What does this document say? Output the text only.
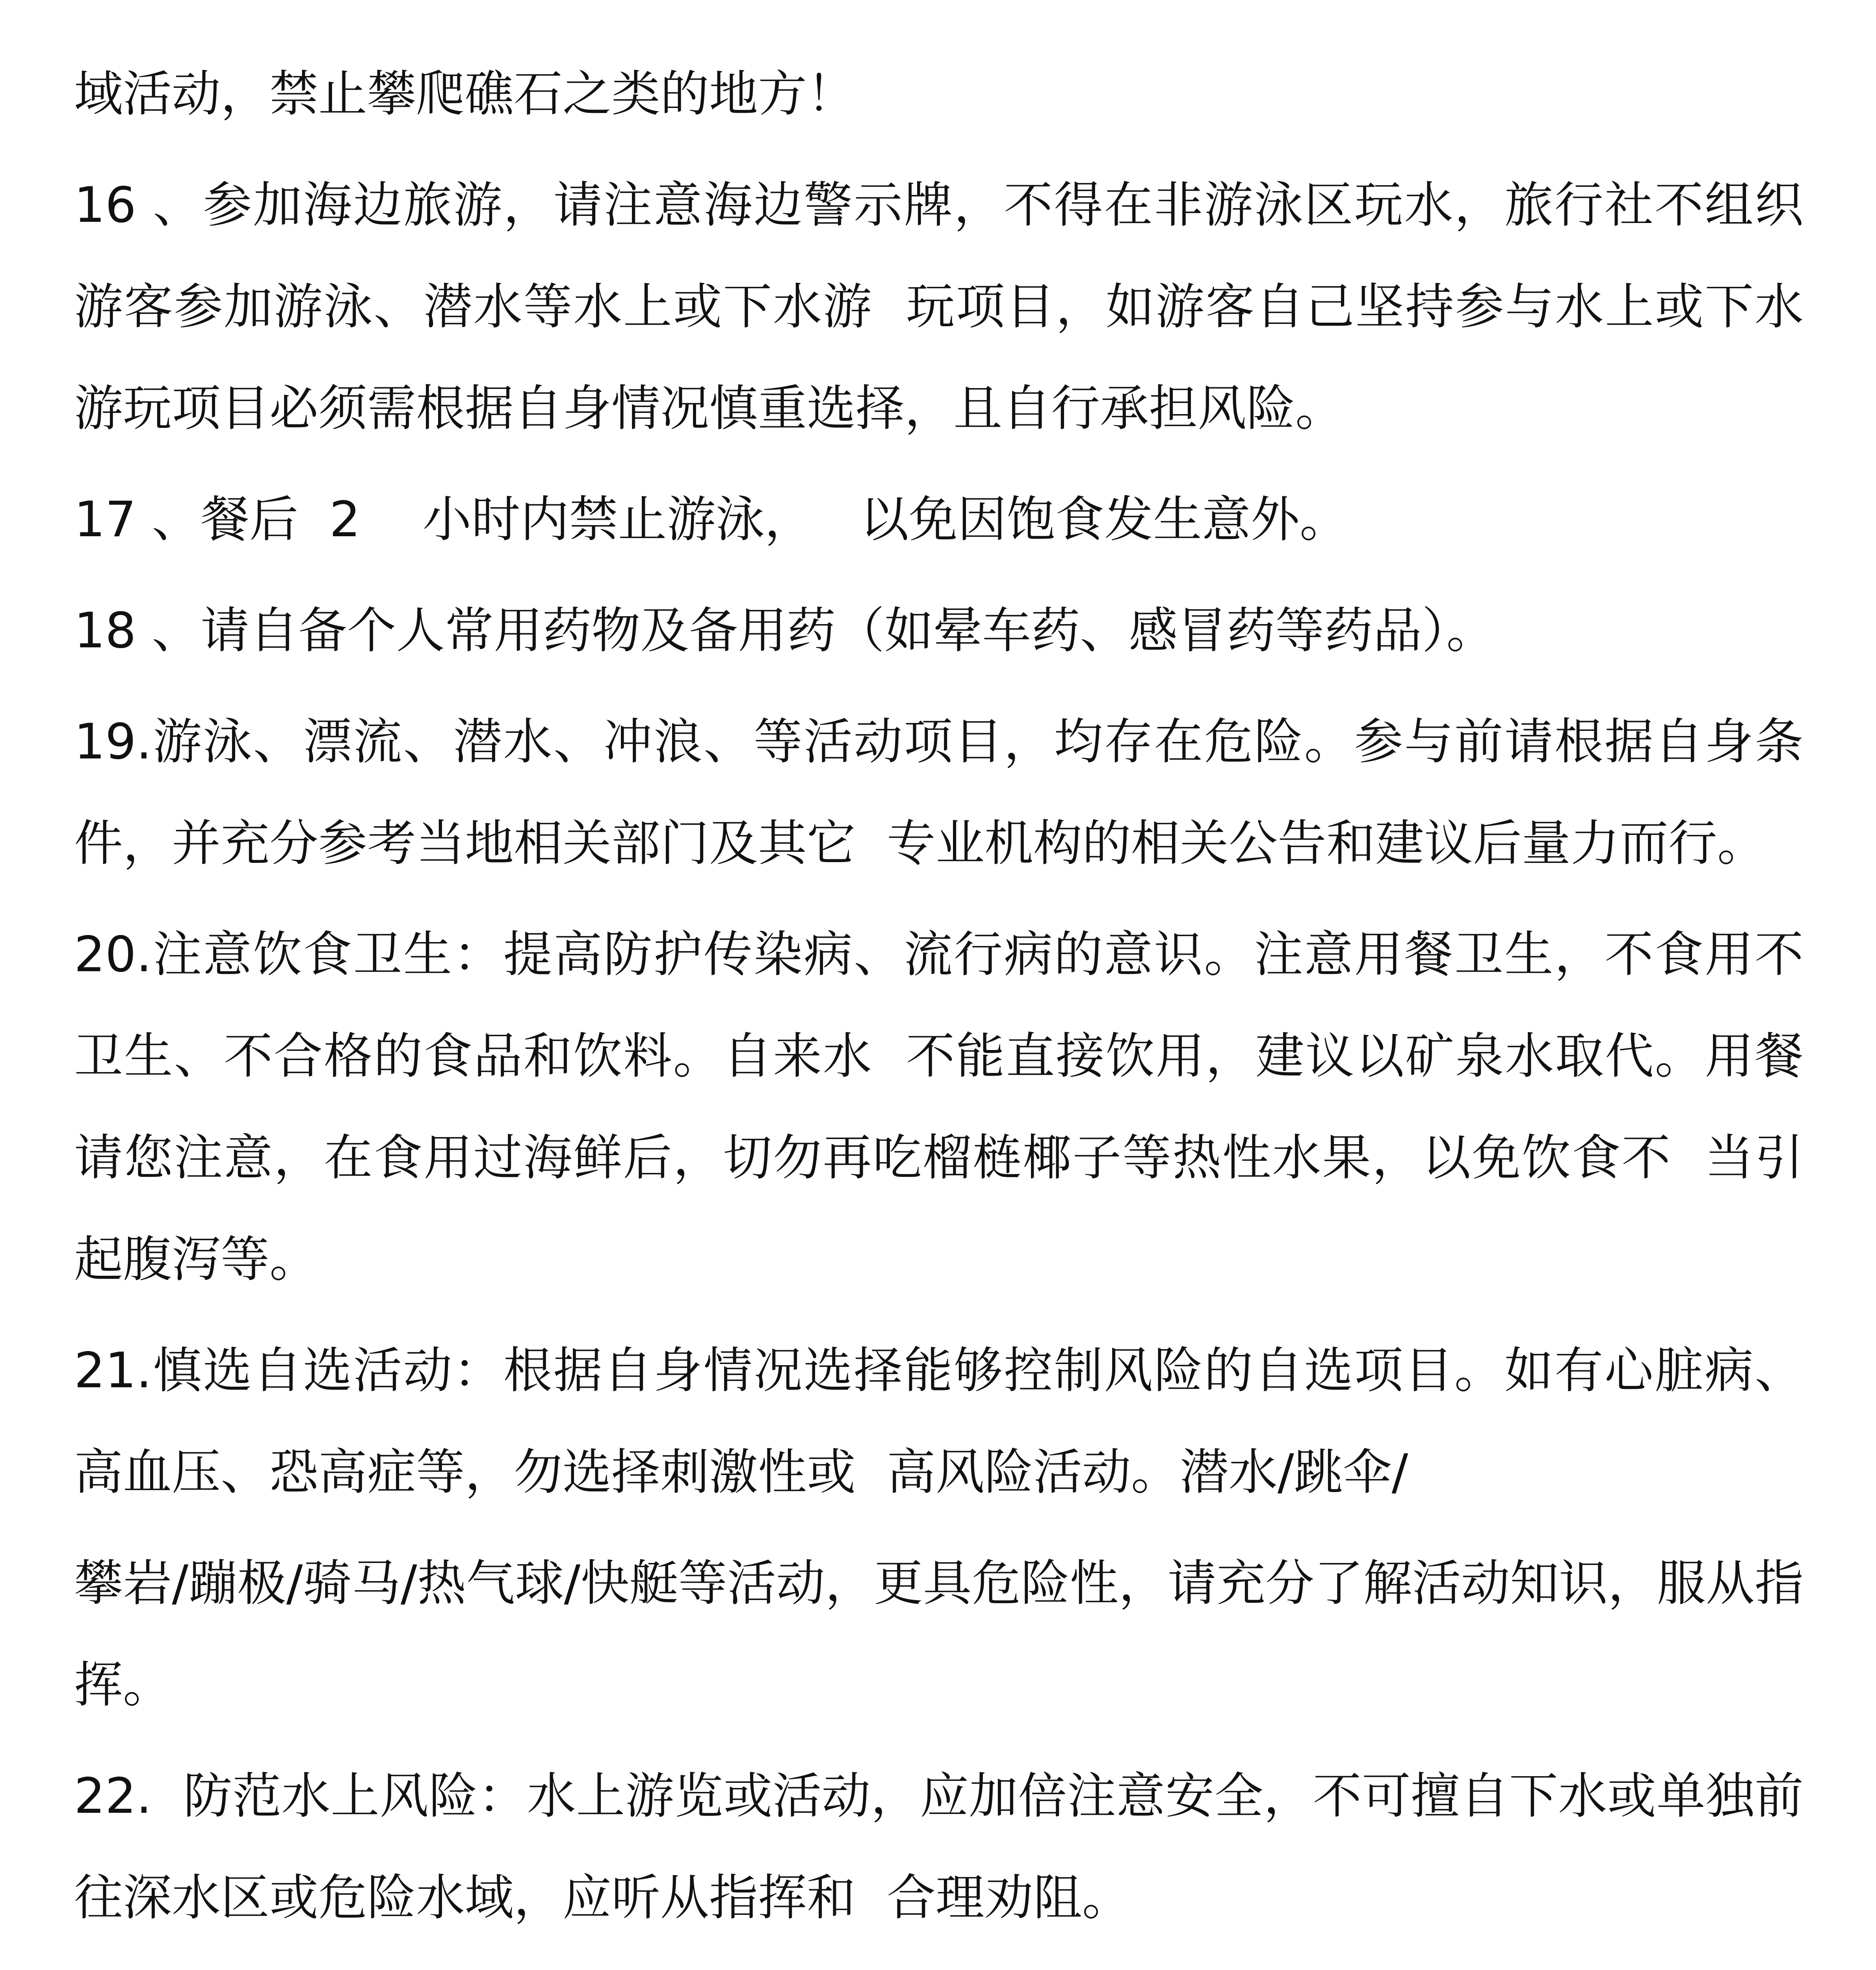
域活动，禁止攀爬礁石之类的地方！

16 、参加海边旅游，请注意海边警示牌，不得在非游泳区玩水，旅行社不组织游客参加游泳、潜水等水上或下水游  玩项目，如游客自己坚持参与水上或下水游玩项目必须需根据自身情况慎重选择，且自行承担风险。

17 、餐后  2    小时内禁止游泳，   以免因饱食发生意外。

18 、请自备个人常用药物及备用药（如晕车药、感冒药等药品）。

19.游泳、漂流、潜水、冲浪、等活动项目，均存在危险。参与前请根据自身条件，并充分参考当地相关部门及其它  专业机构的相关公告和建议后量力而行。

20.注意饮食卫生：提高防护传染病、流行病的意识。注意用餐卫生，不食用不卫生、不合格的食品和饮料。自来水  不能直接饮用，建议以矿泉水取代。用餐请您注意，在食用过海鲜后，切勿再吃榴梿椰子等热性水果，以免饮食不  当引起腹泻等。

21.慎选自选活动：根据自身情况选择能够控制风险的自选项目。如有心脏病、高血压、恐高症等，勿选择刺激性或  高风险活动。潜水/跳伞/

攀岩/蹦极/骑马/热气球/快艇等活动，更具危险性，请充分了解活动知识，服从指挥。

22.  防范水上风险：水上游览或活动，应加倍注意安全，不可擅自下水或单独前往深水区或危险水域，应听从指挥和  合理劝阻。
